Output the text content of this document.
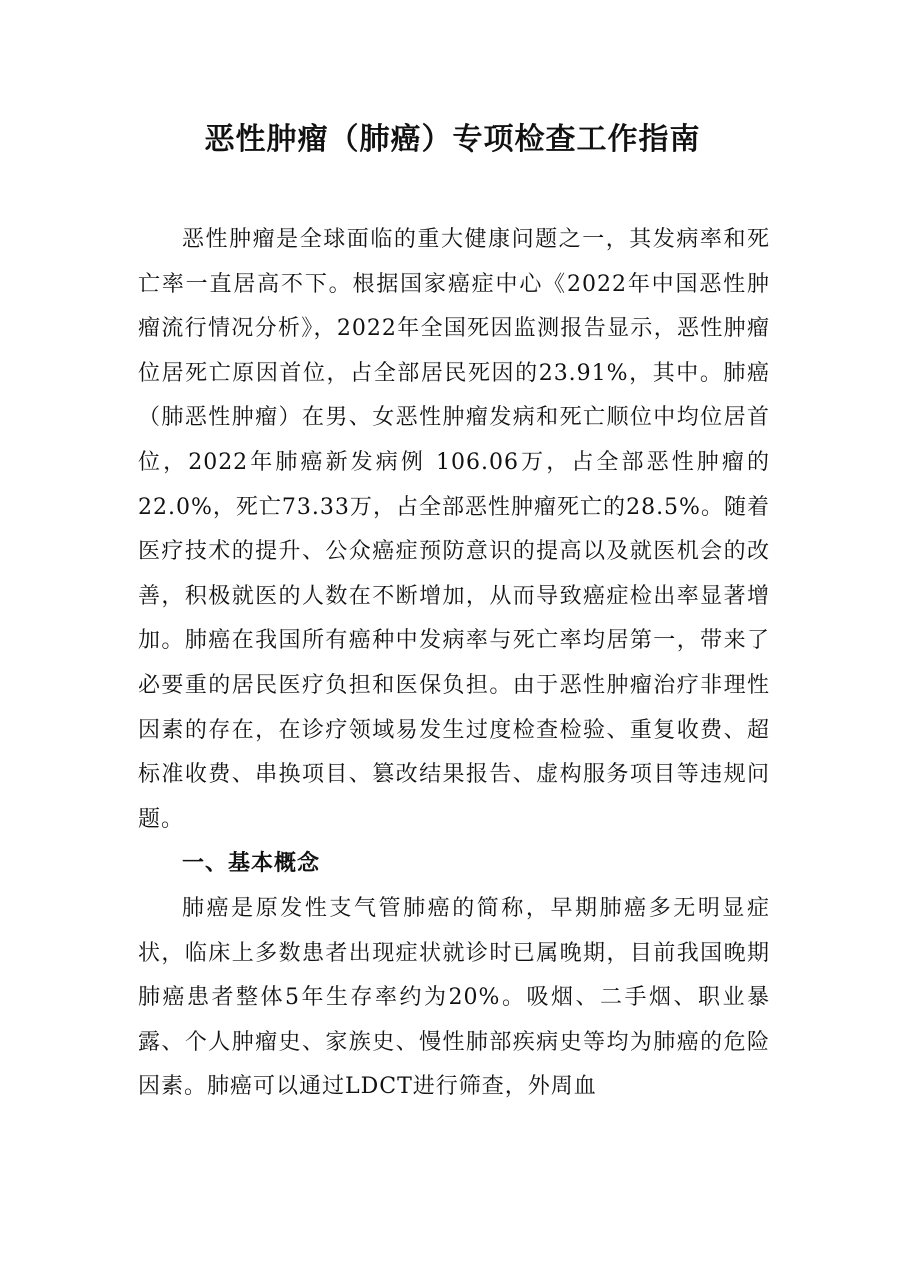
恶性肿瘤（肺癌）专项检查工作指南

恶性肿瘤是全球面临的重大健康问题之一，其发病率和死亡率一直居高不下。根据国家癌症中心《2022年中国恶性肿瘤流行情况分析》，2022年全国死因监测报告显示，恶性肿瘤位居死亡原因首位，占全部居民死因的23.91%，其中。肺癌（肺恶性肿瘤）在男、女恶性肿瘤发病和死亡顺位中均位居首位，2022年肺癌新发病例 106.06万，占全部恶性肿瘤的22.0%，死亡73.33万，占全部恶性肿瘤死亡的28.5%。随着医疗技术的提升、公众癌症预防意识的提高以及就医机会的改善，积极就医的人数在不断增加，从而导致癌症检出率显著增加。肺癌在我国所有癌种中发病率与死亡率均居第一，带来了必要重的居民医疗负担和医保负担。由于恶性肿瘤治疗非理性因素的存在，在诊疗领域易发生过度检查检验、重复收费、超标准收费、串换项目、篡改结果报告、虚构服务项目等违规问题。

一、基本概念

肺癌是原发性支气管肺癌的简称，早期肺癌多无明显症状，临床上多数患者出现症状就诊时已属晚期，目前我国晚期肺癌患者整体5年生存率约为20%。吸烟、二手烟、职业暴露、个人肿瘤史、家族史、慢性肺部疾病史等均为肺癌的危险因素。肺癌可以通过LDCT进行筛查，外周血
